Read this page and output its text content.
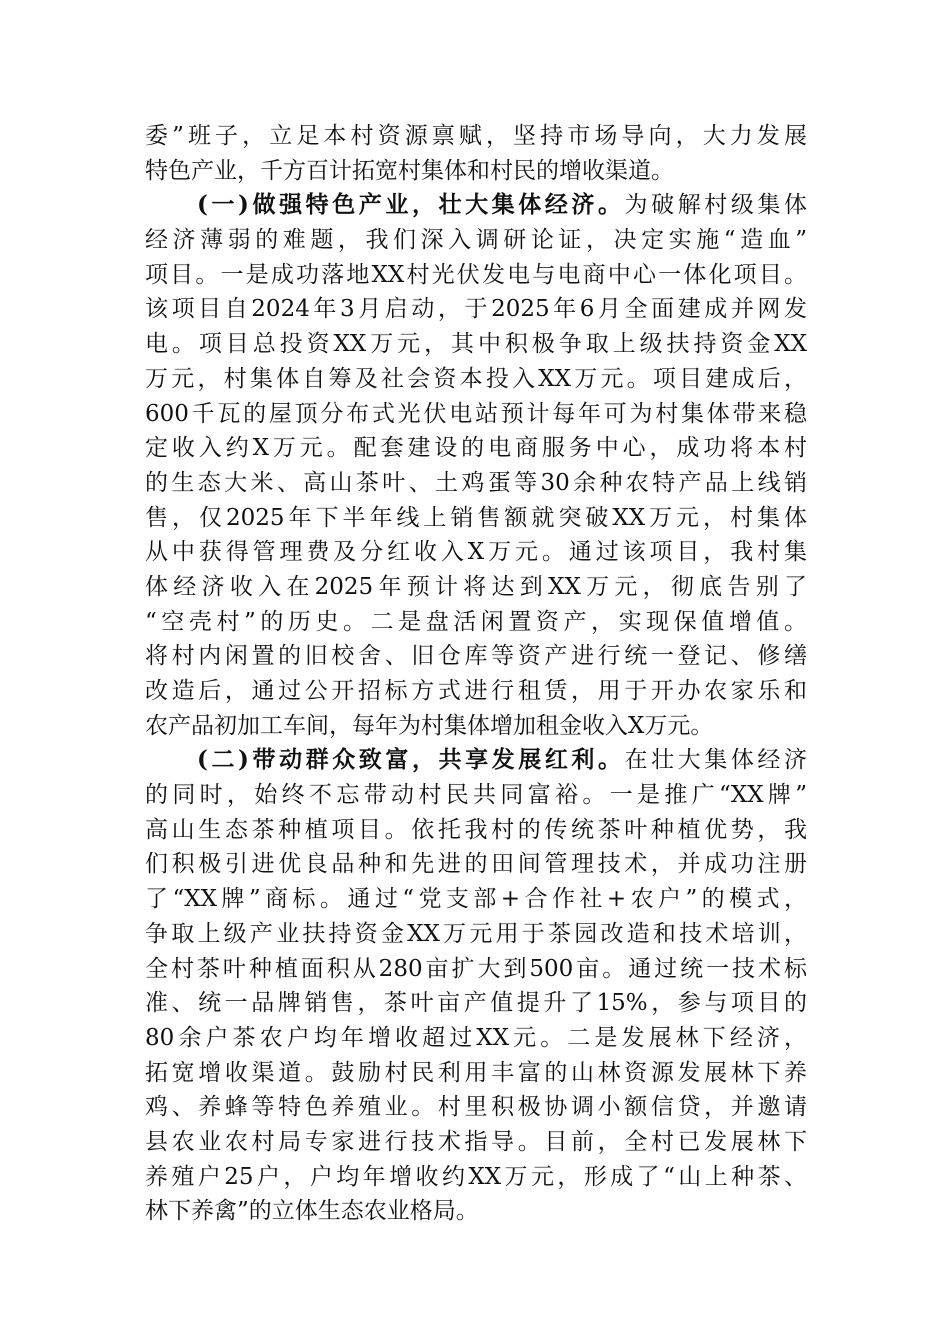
委”班子，立足本村资源禀赋，坚持市场导向，大力发展
特色产业，千方百计拓宽村集体和村民的增收渠道。
(一)做强特色产业，壮大集体经济。为破解村级集体
经济薄弱的难题，我们深入调研论证，决定实施“造血”
项目。一是成功落地XX村光伏发电与电商中心一体化项目。
该项目自2024年3月启动，于2025年6月全面建成并网发
电。项目总投资XX万元，其中积极争取上级扶持资金XX
万元，村集体自筹及社会资本投入XX万元。项目建成后，
600千瓦的屋顶分布式光伏电站预计每年可为村集体带来稳
定收入约X万元。配套建设的电商服务中心，成功将本村
的生态大米、高山茶叶、土鸡蛋等30余种农特产品上线销
售，仅2025年下半年线上销售额就突破XX万元，村集体
从中获得管理费及分红收入X万元。通过该项目，我村集
体经济收入在2025年预计将达到XX万元，彻底告别了
“空壳村”的历史。二是盘活闲置资产，实现保值增值。
将村内闲置的旧校舍、旧仓库等资产进行统一登记、修缮
改造后，通过公开招标方式进行租赁，用于开办农家乐和
农产品初加工车间，每年为村集体增加租金收入X万元。
(二)带动群众致富，共享发展红利。在壮大集体经济
的同时，始终不忘带动村民共同富裕。一是推广“XX牌”
高山生态茶种植项目。依托我村的传统茶叶种植优势，我
们积极引进优良品种和先进的田间管理技术，并成功注册
了“XX牌”商标。通过“党支部+合作社+农户”的模式，
争取上级产业扶持资金XX万元用于茶园改造和技术培训，
全村茶叶种植面积从280亩扩大到500亩。通过统一技术标
准、统一品牌销售，茶叶亩产值提升了15%，参与项目的
80余户茶农户均年增收超过XX元。二是发展林下经济，
拓宽增收渠道。鼓励村民利用丰富的山林资源发展林下养
鸡、养蜂等特色养殖业。村里积极协调小额信贷，并邀请
县农业农村局专家进行技术指导。目前，全村已发展林下
养殖户25户，户均年增收约XX万元，形成了“山上种茶、
林下养禽”的立体生态农业格局。
